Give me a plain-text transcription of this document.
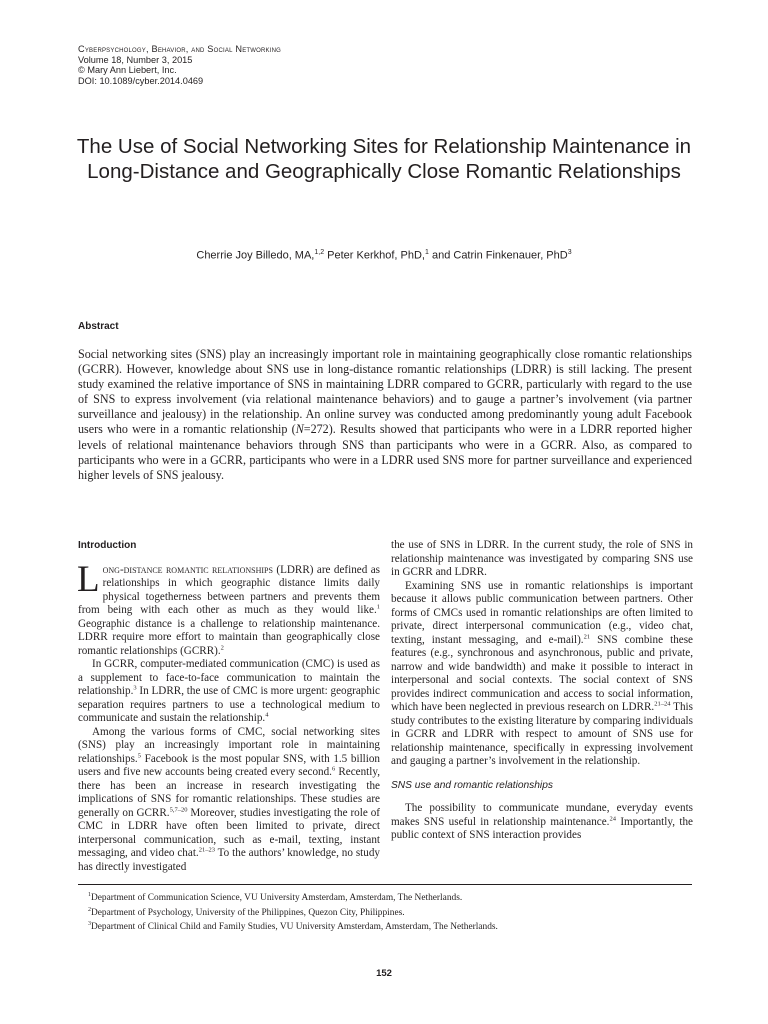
Cyberpsychology, Behavior, and Social Networking
Volume 18, Number 3, 2015
© Mary Ann Liebert, Inc.
DOI: 10.1089/cyber.2014.0469
The Use of Social Networking Sites for Relationship Maintenance in Long-Distance and Geographically Close Romantic Relationships
Cherrie Joy Billedo, MA,$^{1,2}$ Peter Kerkhof, PhD,$^1$ and Catrin Finkenauer, PhD$^3$
Abstract

Social networking sites (SNS) play an increasingly important role in maintaining geographically close romantic relationships (GCRR). However, knowledge about SNS use in long-distance romantic relationships (LDRR) is still lacking. The present study examined the relative importance of SNS in maintaining LDRR compared to GCRR, particularly with regard to the use of SNS to express involvement (via relational maintenance behaviors) and to gauge a partner’s involvement (via partner surveillance and jealousy) in the relationship. An online survey was conducted among predominantly young adult Facebook users who were in a romantic relationship (N=272). Results showed that participants who were in a LDRR reported higher levels of relational maintenance behaviors through SNS than participants who were in a GCRR. Also, as compared to participants who were in a GCRR, participants who were in a LDRR used SNS more for partner surveillance and experienced higher levels of SNS jealousy.

Introduction

Long-distance romantic relationships (LDRR) are defined as relationships in which geographic distance limits daily physical togetherness between partners and prevents them from being with each other as much as they would like.$^1$ Geographic distance is a challenge to relationship maintenance. LDRR require more effort to maintain than geographically close romantic relationships (GCRR).$^2$

In GCRR, computer-mediated communication (CMC) is used as a supplement to face-to-face communication to maintain the relationship.$^3$ In LDRR, the use of CMC is more urgent: geographic separation requires partners to use a technological medium to communicate and sustain the relationship.$^4$

Among the various forms of CMC, social networking sites (SNS) play an increasingly important role in maintaining relationships.$^5$ Facebook is the most popular SNS, with 1.5 billion users and five new accounts being created every second.$^6$ Recently, there has been an increase in research investigating the implications of SNS for romantic relationships. These studies are generally on GCRR.$^{5,7-20}$ Moreover, studies investigating the role of CMC in LDRR have often been limited to private, direct interpersonal communication, such as e-mail, texting, instant messaging, and video chat.$^{21-23}$ To the authors’ knowledge, no study has directly investigated

the use of SNS in LDRR. In the current study, the role of SNS in relationship maintenance was investigated by comparing SNS use in GCRR and LDRR.

Examining SNS use in romantic relationships is important because it allows public communication between partners. Other forms of CMCs used in romantic relationships are often limited to private, direct interpersonal communication (e.g., video chat, texting, instant messaging, and e-mail).$^{21}$ SNS combine these features (e.g., synchronous and asynchronous, public and private, narrow and wide bandwidth) and make it possible to interact in interpersonal and social contexts. The social context of SNS provides indirect communication and access to social information, which have been neglected in previous research on LDRR.$^{21-24}$ This study contributes to the existing literature by comparing individuals in GCRR and LDRR with respect to amount of SNS use for relationship maintenance, specifically in expressing involvement and gauging a partner’s involvement in the relationship.

SNS use and romantic relationships

The possibility to communicate mundane, everyday events makes SNS useful in relationship maintenance.$^{24}$ Importantly, the public context of SNS interaction provides

$^1$Department of Communication Science, VU University Amsterdam, Amsterdam, The Netherlands.
$^2$Department of Psychology, University of the Philippines, Quezon City, Philippines.
$^3$Department of Clinical Child and Family Studies, VU University Amsterdam, Amsterdam, The Netherlands.
152
